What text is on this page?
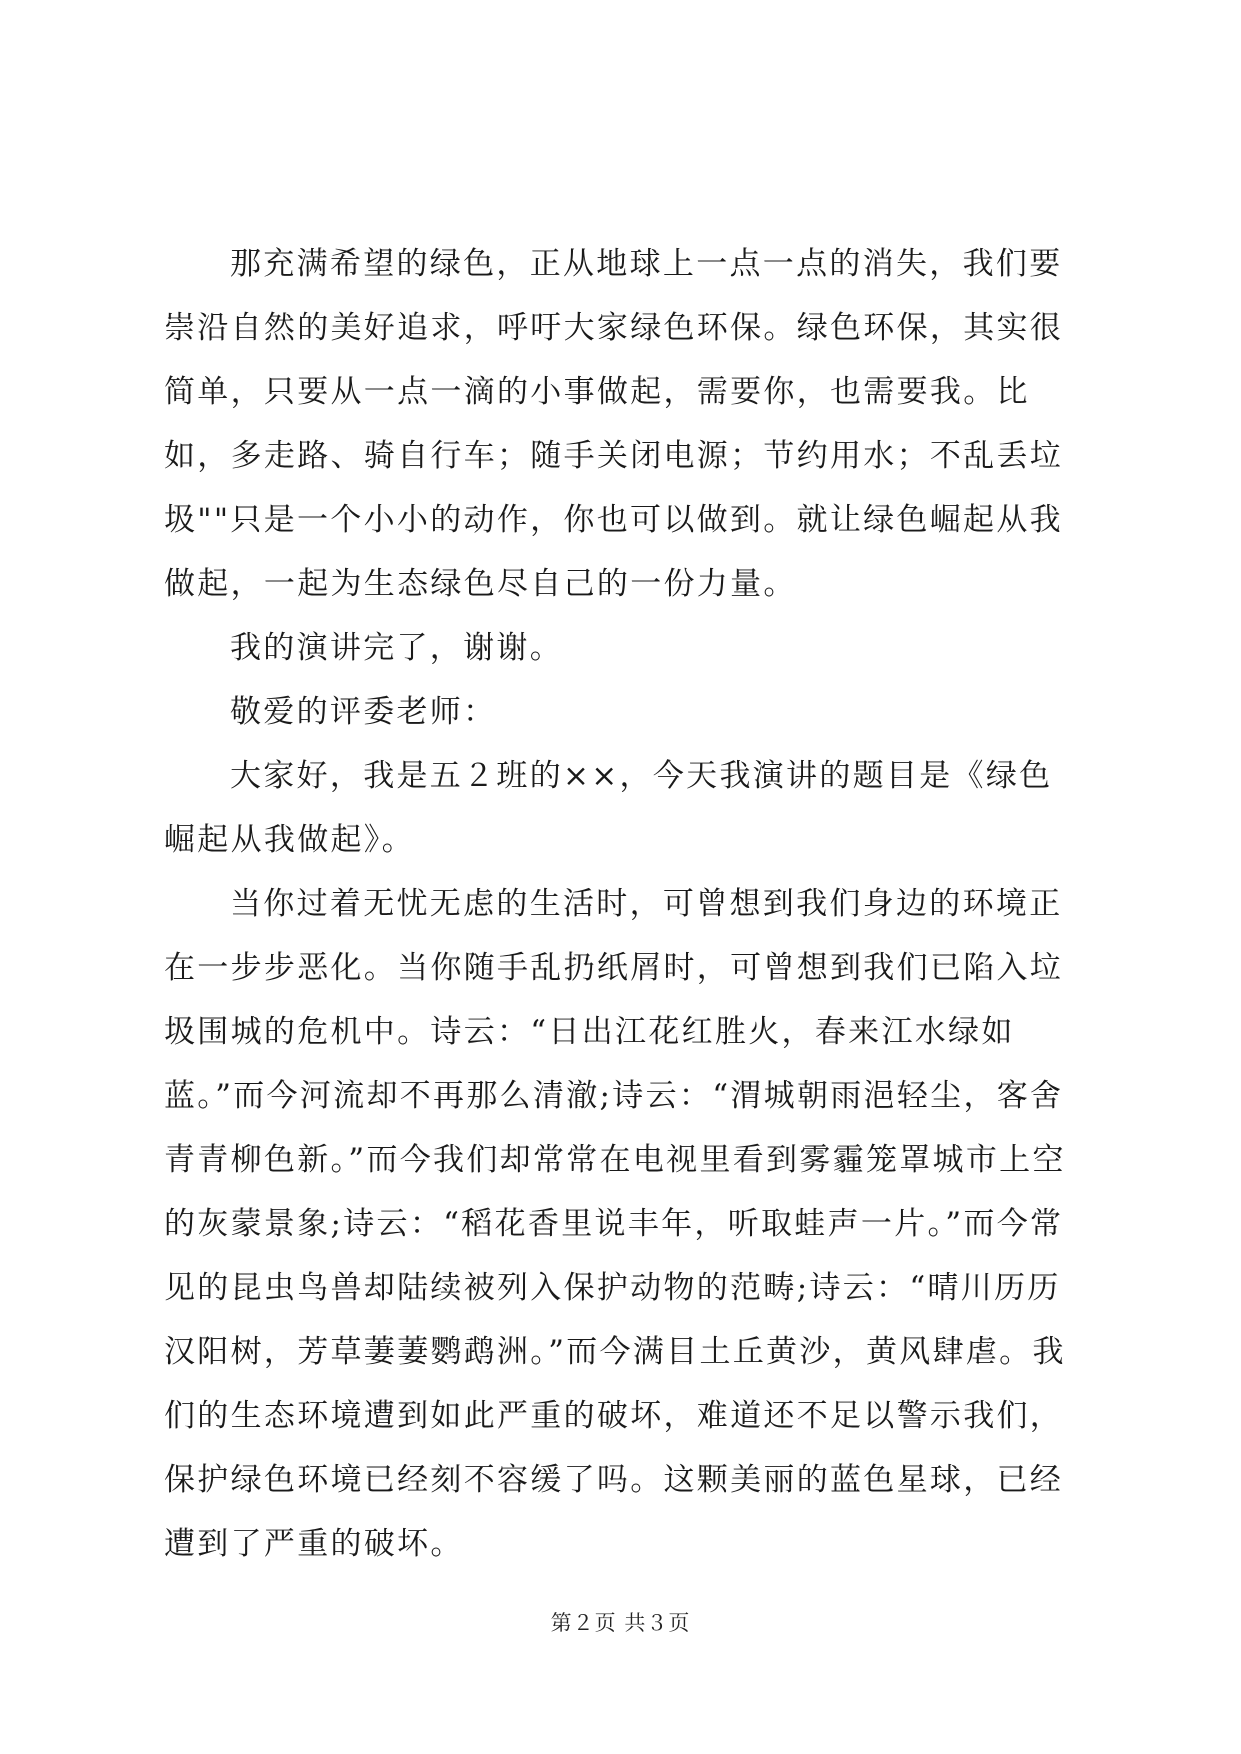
那充满希望的绿色，正从地球上一点一点的消失，我们要崇沿自然的美好追求，呼吁大家绿色环保。绿色环保，其实很简单，只要从一点一滴的小事做起，需要你，也需要我。比如，多走路、骑自行车；随手关闭电源；节约用水；不乱丢垃圾""只是一个小小的动作，你也可以做到。就让绿色崛起从我做起，一起为生态绿色尽自己的一份力量。

我的演讲完了，谢谢。

敬爱的评委老师：

大家好，我是五２班的××，今天我演讲的题目是《绿色崛起从我做起》。

当你过着无忧无虑的生活时，可曾想到我们身边的环境正在一步步恶化。当你随手乱扔纸屑时，可曾想到我们已陷入垃圾围城的危机中。诗云：“日出江花红胜火，春来江水绿如蓝。”而今河流却不再那么清澈;诗云：“渭城朝雨浥轻尘，客舍青青柳色新。”而今我们却常常在电视里看到雾霾笼罩城市上空的灰蒙景象;诗云：“稻花香里说丰年，听取蛙声一片。”而今常见的昆虫鸟兽却陆续被列入保护动物的范畴;诗云：“晴川历历汉阳树，芳草萋萋鹦鹉洲。”而今满目土丘黄沙，黄风肆虐。我们的生态环境遭到如此严重的破坏，难道还不足以警示我们，保护绿色环境已经刻不容缓了吗。这颗美丽的蓝色星球，已经遭到了严重的破坏。

第２页 共３页
